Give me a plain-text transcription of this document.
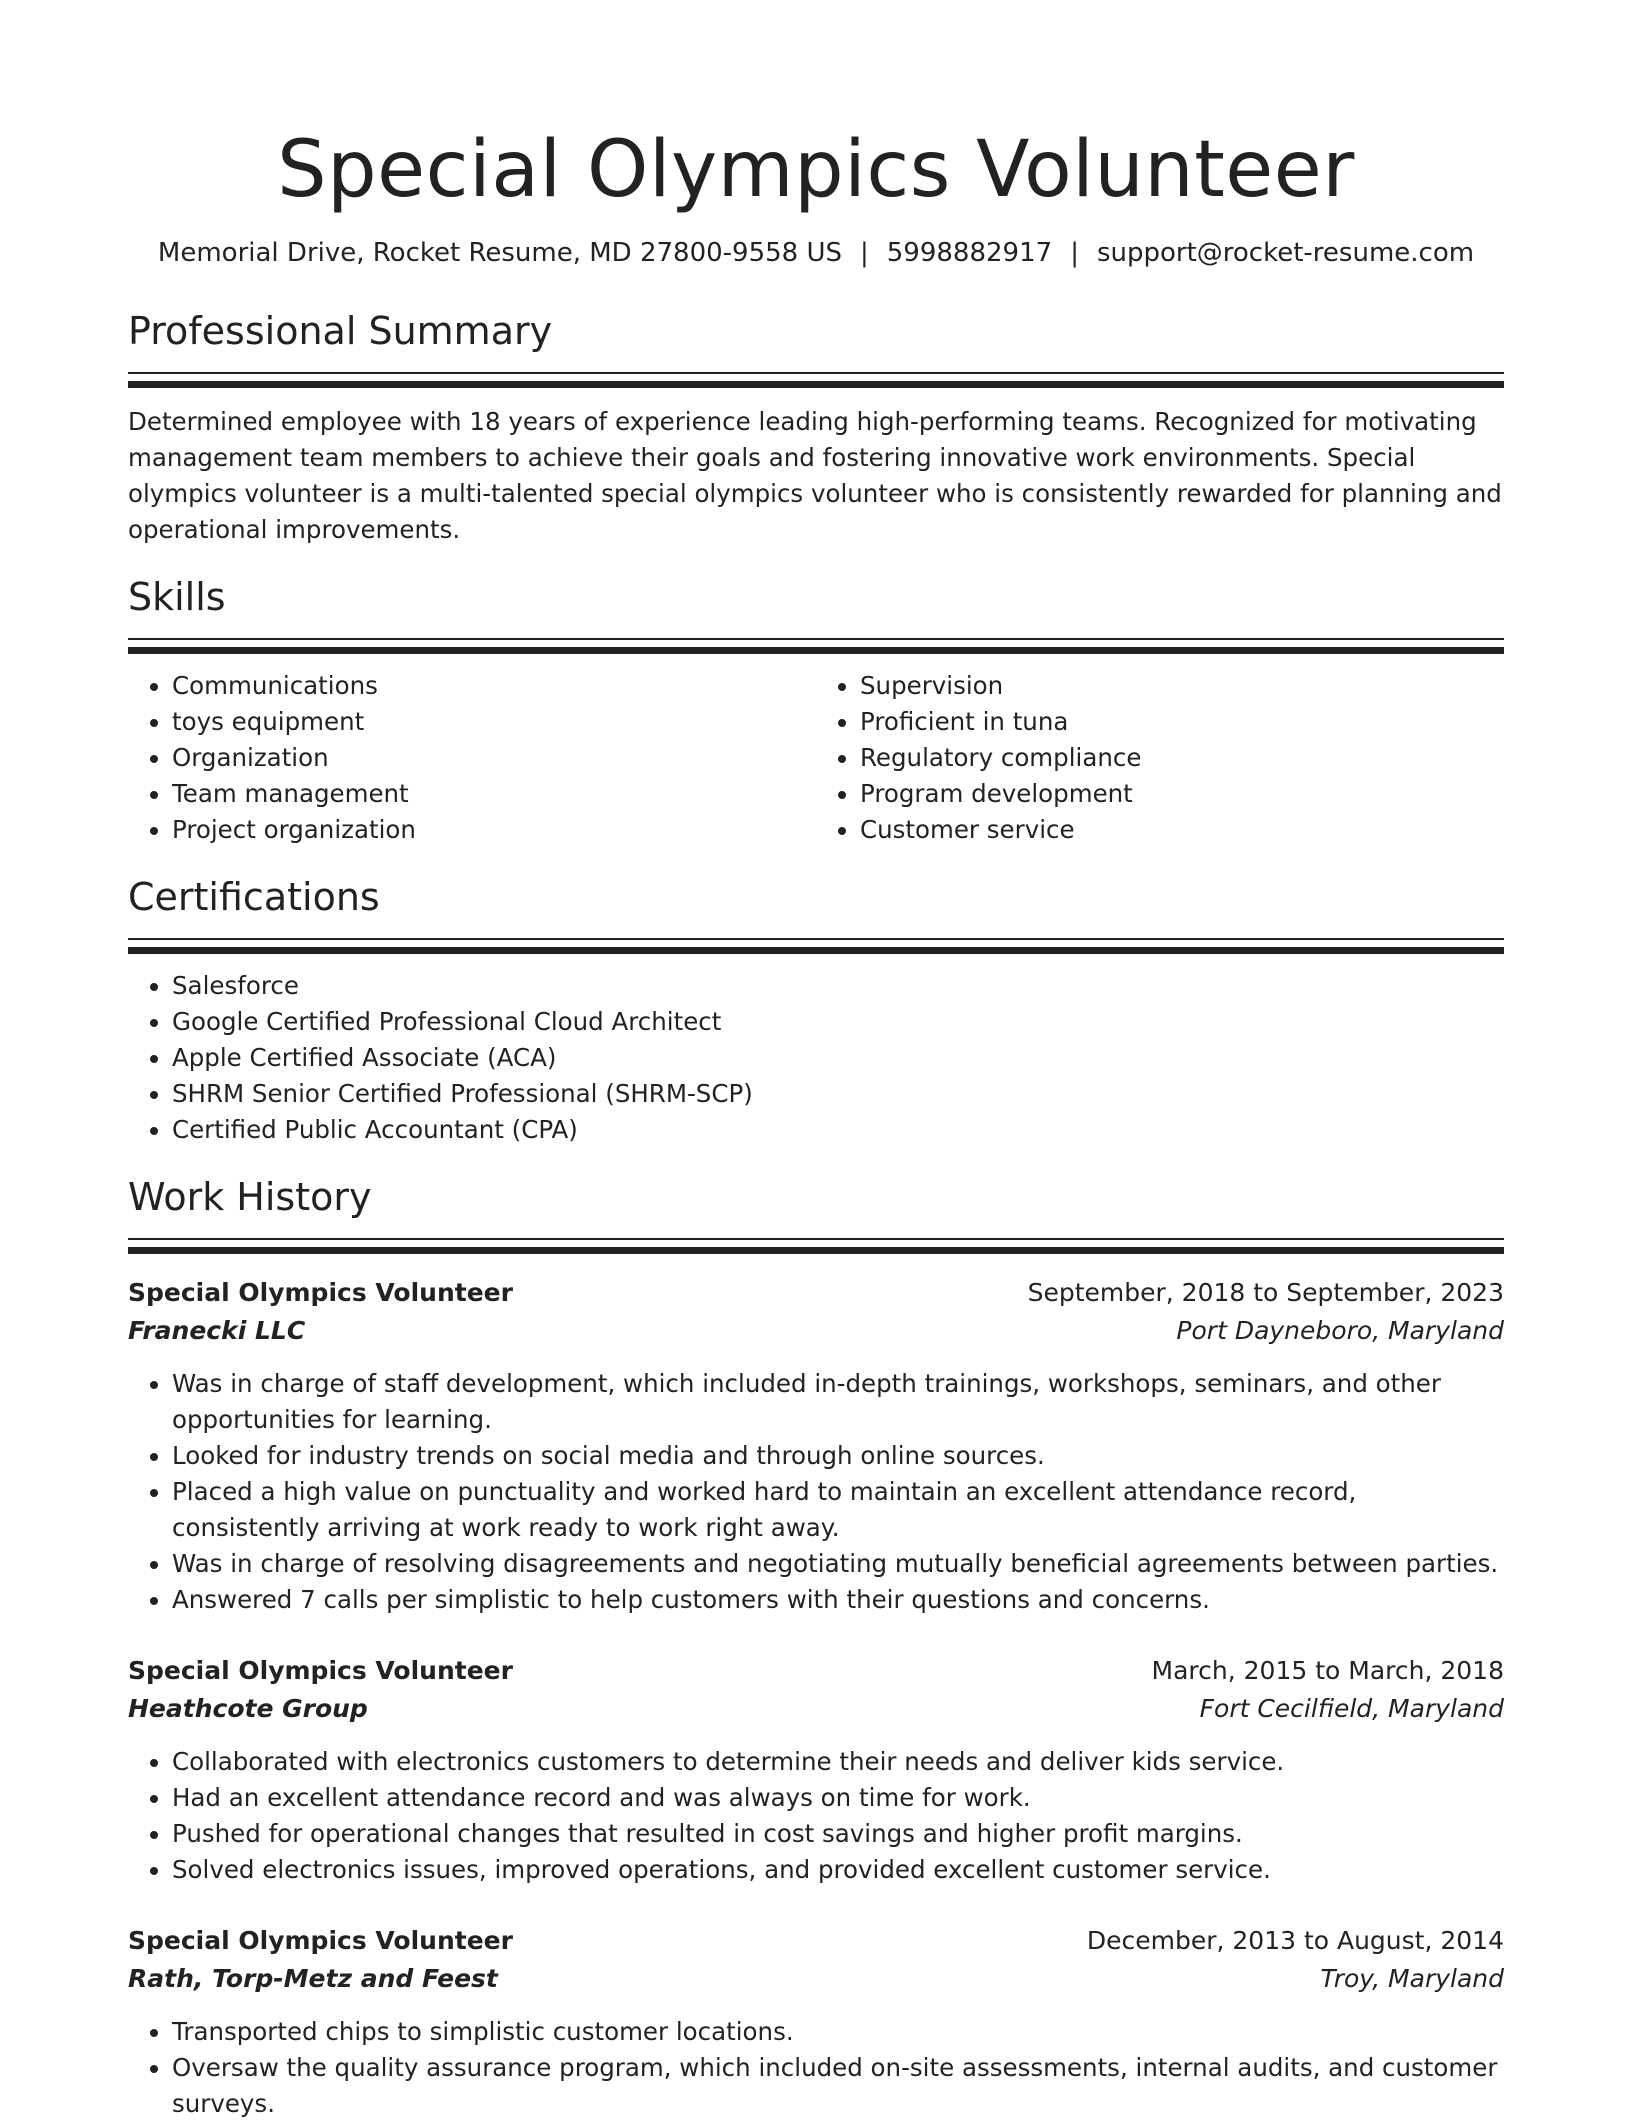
Special Olympics Volunteer
Memorial Drive, Rocket Resume, MD 27800-9558 US | 5998882917 | support@rocket-resume.com
Professional Summary

Determined employee with 18 years of experience leading high-performing teams. Recognized for motivating management team members to achieve their goals and fostering innovative work environments. Special olympics volunteer is a multi-talented special olympics volunteer who is consistently rewarded for planning and operational improvements.

Skills
• Communications
• toys equipment
• Organization
• Team management
• Project organization
• Supervision
• Proficient in tuna
• Regulatory compliance
• Program development
• Customer service
Certifications
• Salesforce
• Google Certified Professional Cloud Architect
• Apple Certified Associate (ACA)
• SHRM Senior Certified Professional (SHRM-SCP)
• Certified Public Accountant (CPA)
Work History
Special Olympics Volunteer	September, 2018 to September, 2023
Franecki LLC	Port Dayneboro, Maryland
• Was in charge of staff development, which included in-depth trainings, workshops, seminars, and other opportunities for learning.
• Looked for industry trends on social media and through online sources.
• Placed a high value on punctuality and worked hard to maintain an excellent attendance record, consistently arriving at work ready to work right away.
• Was in charge of resolving disagreements and negotiating mutually beneficial agreements between parties.
• Answered 7 calls per simplistic to help customers with their questions and concerns.
Special Olympics Volunteer	March, 2015 to March, 2018
Heathcote Group	Fort Cecilfield, Maryland
• Collaborated with electronics customers to determine their needs and deliver kids service.
• Had an excellent attendance record and was always on time for work.
• Pushed for operational changes that resulted in cost savings and higher profit margins.
• Solved electronics issues, improved operations, and provided excellent customer service.
Special Olympics Volunteer	December, 2013 to August, 2014
Rath, Torp-Metz and Feest	Troy, Maryland
• Transported chips to simplistic customer locations.
• Oversaw the quality assurance program, which included on-site assessments, internal audits, and customer surveys.
